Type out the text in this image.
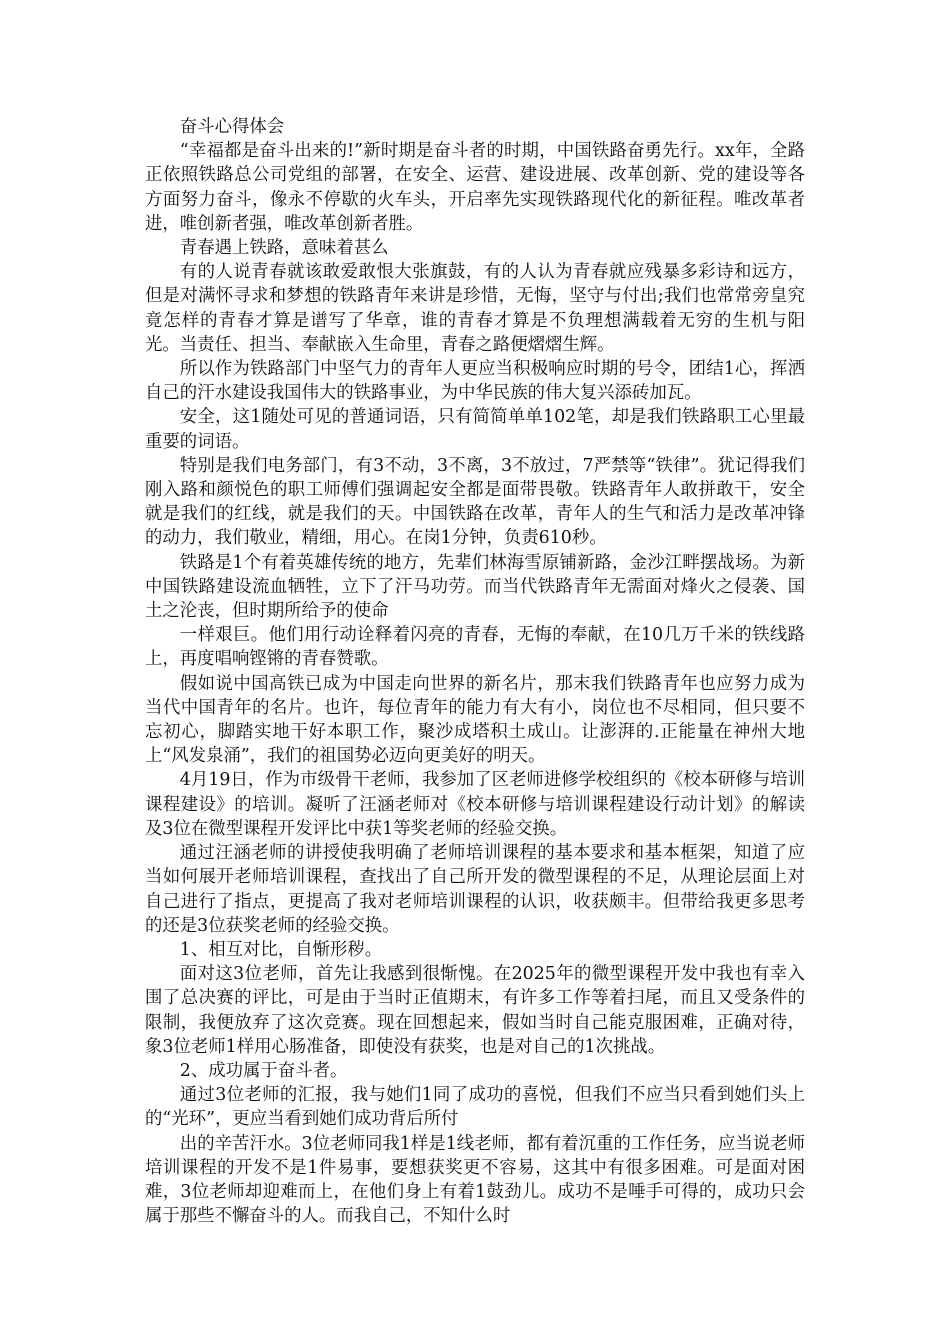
奋斗心得体会

“幸福都是奋斗出来的!”新时期是奋斗者的时期，中国铁路奋勇先行。xx年，全路正依照铁路总公司党组的部署，在安全、运营、建设进展、改革创新、党的建设等各方面努力奋斗，像永不停歇的火车头，开启率先实现铁路现代化的新征程。唯改革者进，唯创新者强，唯改革创新者胜。

青春遇上铁路，意味着甚么

有的人说青春就该敢爱敢恨大张旗鼓，有的人认为青春就应残暴多彩诗和远方，但是对满怀寻求和梦想的铁路青年来讲是珍惜，无悔，坚守与付出;我们也常常旁皇究竟怎样的青春才算是谱写了华章，谁的青春才算是不负理想满载着无穷的生机与阳光。当责任、担当、奉献嵌入生命里，青春之路便熠熠生辉。

所以作为铁路部门中坚气力的青年人更应当积极响应时期的号令，团结1心，挥洒自己的汗水建设我国伟大的铁路事业，为中华民族的伟大复兴添砖加瓦。

安全，这1随处可见的普通词语，只有简简单单102笔，却是我们铁路职工心里最重要的词语。

特别是我们电务部门，有3不动，3不离，3不放过，7严禁等“铁律”。犹记得我们刚入路和颜悦色的职工师傅们强调起安全都是面带畏敬。铁路青年人敢拼敢干，安全就是我们的红线，就是我们的天。中国铁路在改革，青年人的生气和活力是改革冲锋的动力，我们敬业，精细，用心。在岗1分钟，负责610秒。

铁路是1个有着英雄传统的地方，先辈们林海雪原铺新路，金沙江畔摆战场。为新中国铁路建设流血牺牲，立下了汗马功劳。而当代铁路青年无需面对烽火之侵袭、国土之沦丧，但时期所给予的使命

一样艰巨。他们用行动诠释着闪亮的青春，无悔的奉献，在10几万千米的铁线路上，再度唱响铿锵的青春赞歌。

假如说中国高铁已成为中国走向世界的新名片，那末我们铁路青年也应努力成为当代中国青年的名片。也许，每位青年的能力有大有小，岗位也不尽相同，但只要不忘初心，脚踏实地干好本职工作，聚沙成塔积土成山。让澎湃的.正能量在神州大地上“风发泉涌”，我们的祖国势必迈向更美好的明天。

4月19日，作为市级骨干老师，我参加了区老师进修学校组织的《校本研修与培训课程建设》的培训。凝听了汪涵老师对《校本研修与培训课程建设行动计划》的解读及3位在微型课程开发评比中获1等奖老师的经验交换。

通过汪涵老师的讲授使我明确了老师培训课程的基本要求和基本框架，知道了应当如何展开老师培训课程，查找出了自己所开发的微型课程的不足，从理论层面上对自己进行了指点，更提高了我对老师培训课程的认识，收获颇丰。但带给我更多思考的还是3位获奖老师的经验交换。

1、相互对比，自惭形秽。

面对这3位老师，首先让我感到很惭愧。在2025年的微型课程开发中我也有幸入围了总决赛的评比，可是由于当时正值期末，有许多工作等着扫尾，而且又受条件的限制，我便放弃了这次竞赛。现在回想起来，假如当时自己能克服困难，正确对待，象3位老师1样用心肠准备，即使没有获奖，也是对自己的1次挑战。

2、成功属于奋斗者。

通过3位老师的汇报，我与她们1同了成功的喜悦，但我们不应当只看到她们头上的“光环”，更应当看到她们成功背后所付

出的辛苦汗水。3位老师同我1样是1线老师，都有着沉重的工作任务，应当说老师培训课程的开发不是1件易事，要想获奖更不容易，这其中有很多困难。可是面对困难，3位老师却迎难而上，在他们身上有着1鼓劲儿。成功不是唾手可得的，成功只会属于那些不懈奋斗的人。而我自己，不知什么时
